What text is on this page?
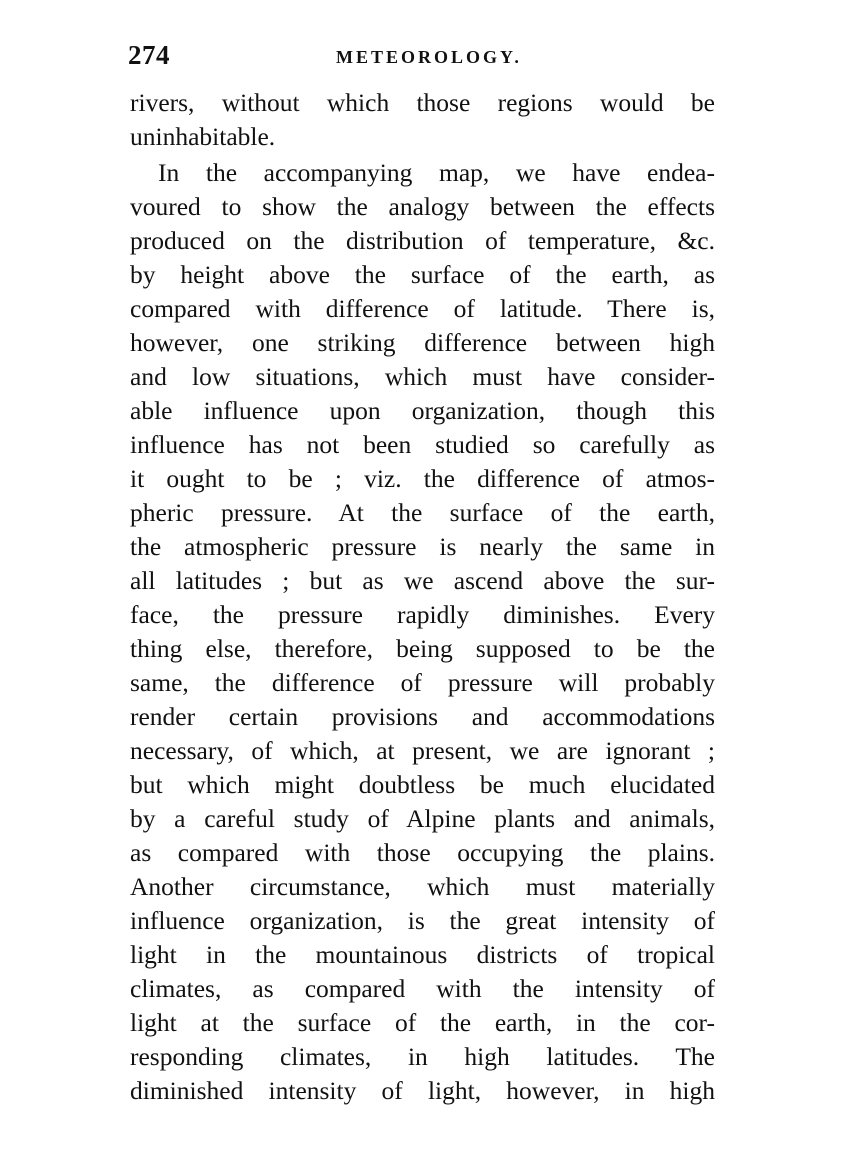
274	METEOROLOGY.
rivers, without which those regions would be
uninhabitable.
In the accompanying map, we have endea-
voured to show the analogy between the effects
produced on the distribution of temperature, &c.
by height above the surface of the earth, as
compared with difference of latitude. There is,
however, one striking difference between high
and low situations, which must have consider-
able influence upon organization, though this
influence has not been studied so carefully as
it ought to be ; viz. the difference of atmos-
pheric pressure. At the surface of the earth,
the atmospheric pressure is nearly the same in
all latitudes ; but as we ascend above the sur-
face, the pressure rapidly diminishes. Every
thing else, therefore, being supposed to be the
same, the difference of pressure will probably
render certain provisions and accommodations
necessary, of which, at present, we are ignorant ;
but which might doubtless be much elucidated
by a careful study of Alpine plants and animals,
as compared with those occupying the plains.
Another circumstance, which must materially
influence organization, is the great intensity of
light in the mountainous districts of tropical
climates, as compared with the intensity of
light at the surface of the earth, in the cor-
responding climates, in high latitudes. The
diminished intensity of light, however, in high
